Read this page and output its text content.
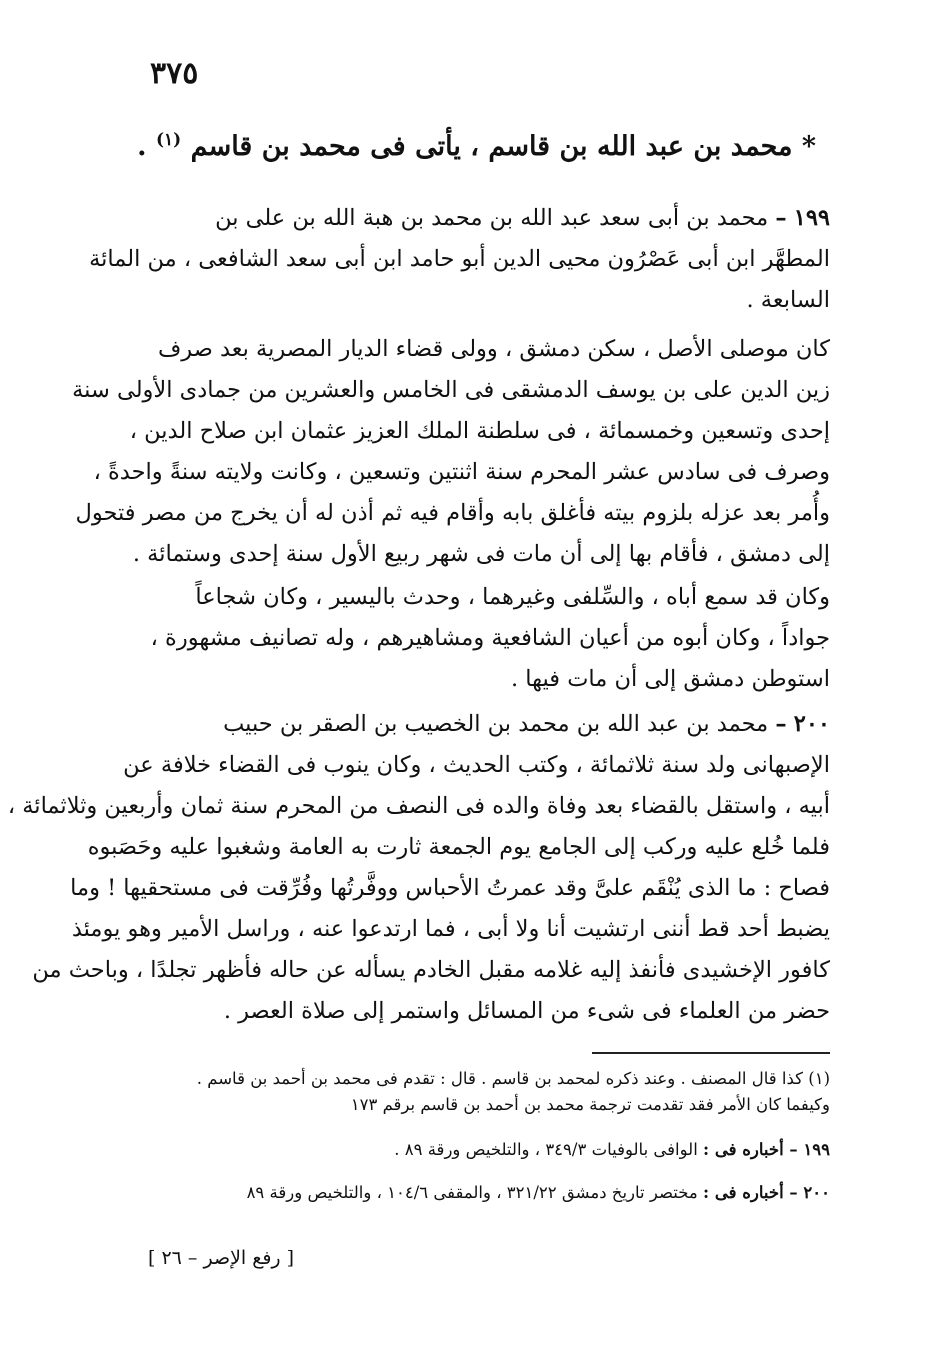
٣٧٥
* محمد بن عبد الله بن قاسم ، يأتى فى محمد بن قاسم $^{(١)}$ .
١٩٩ – محمد بن أبى سعد عبد الله بن محمد بن هبة الله بن على بن
المطهَّر ابن أبى عَصْرُون محيى الدين أبو حامد ابن أبى سعد الشافعى ، من المائة
السابعة .
كان موصلى الأصل ، سكن دمشق ، وولى قضاء الديار المصرية بعد صرف
زين الدين على بن يوسف الدمشقى فى الخامس والعشرين من جمادى الأولى سنة
إحدى وتسعين وخمسمائة ، فى سلطنة الملك العزيز عثمان ابن صلاح الدين ،
وصرف فى سادس عشر المحرم سنة اثنتين وتسعين ، وكانت ولايته سنةً واحدةً ،
وأُمر بعد عزله بلزوم بيته فأغلق بابه وأقام فيه ثم أذن له أن يخرج من مصر فتحول
إلى دمشق ، فأقام بها إلى أن مات فى شهر ربيع الأول سنة إحدى وستمائة .
وكان قد سمع أباه ، والسِّلفى وغيرهما ، وحدث باليسير ، وكان شجاعاً
جواداً ، وكان أبوه من أعيان الشافعية ومشاهيرهم ، وله تصانيف مشهورة ،
استوطن دمشق إلى أن مات فيها .
٢٠٠ – محمد بن عبد الله بن محمد بن الخصيب بن الصقر بن حبيب
الإصبهانى ولد سنة ثلاثمائة ، وكتب الحديث ، وكان ينوب فى القضاء خلافة عن
أبيه ، واستقل بالقضاء بعد وفاة والده فى النصف من المحرم سنة ثمان وأربعين وثلاثمائة ،
فلما خُلع عليه وركب إلى الجامع يوم الجمعة ثارت به العامة وشغبوا عليه وحَصَبوه
فصاح : ما الذى يُنْقَم علىَّ وقد عمرتُ الأحباس ووفَّرتُها وفُرِّقت فى مستحقيها ! وما
يضبط أحد قط أننى ارتشيت أنا ولا أبى ، فما ارتدعوا عنه ، وراسل الأمير وهو يومئذ
كافور الإخشيدى فأنفذ إليه غلامه مقبل الخادم يسأله عن حاله فأظهر تجلدًا ، وباحث من
حضر من العلماء فى شىء من المسائل واستمر إلى صلاة العصر .
(١) كذا قال المصنف . وعند ذكره لمحمد بن قاسم . قال : تقدم فى محمد بن أحمد بن قاسم .
وكيفما كان الأمر فقد تقدمت ترجمة محمد بن أحمد بن قاسم برقم ١٧٣
١٩٩ – أخباره فى : الوافى بالوفيات ٣٤٩/٣ ، والتلخيص ورقة ٨٩ .
٢٠٠ – أخباره فى : مختصر تاريخ دمشق ٣٢١/٢٢ ، والمقفى ١٠٤/٦ ، والتلخيص ورقة ٨٩
[ رفع الإصر – ٢٦ ]
